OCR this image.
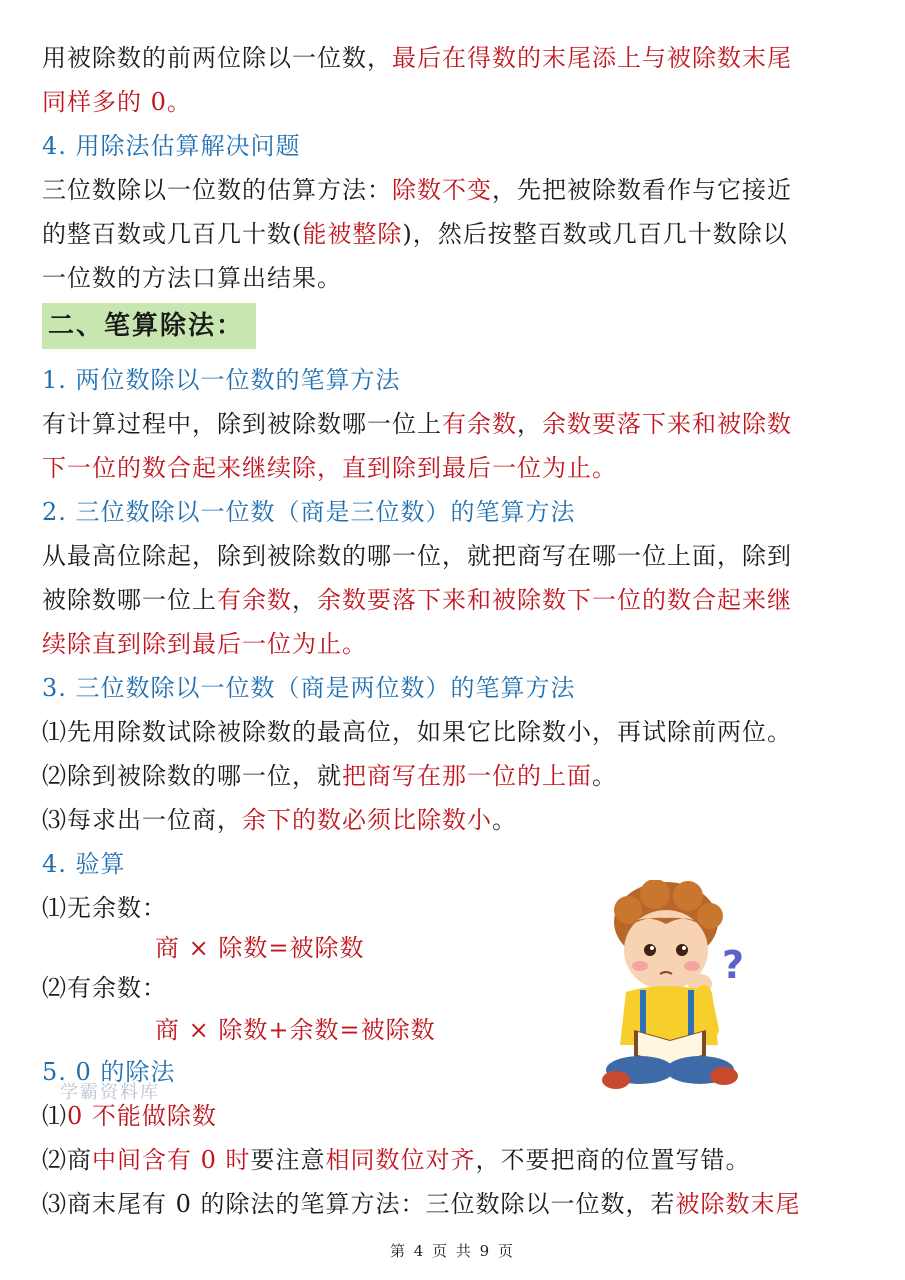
用被除数的前两位除以一位数，最后在得数的末尾添上与被除数末尾
同样多的 0。
4. 用除法估算解决问题
三位数除以一位数的估算方法：除数不变，先把被除数看作与它接近
的整百数或几百几十数(能被整除)，然后按整百数或几百几十数除以
一位数的方法口算出结果。
二、笔算除法：
1. 两位数除以一位数的笔算方法
有计算过程中，除到被除数哪一位上有余数，余数要落下来和被除数
下一位的数合起来继续除，直到除到最后一位为止。
2. 三位数除以一位数（商是三位数）的笔算方法
从最高位除起，除到被除数的哪一位，就把商写在哪一位上面，除到
被除数哪一位上有余数，余数要落下来和被除数下一位的数合起来继
续除直到除到最后一位为止。
3. 三位数除以一位数（商是两位数）的笔算方法
⑴先用除数试除被除数的最高位，如果它比除数小，再试除前两位。
⑵除到被除数的哪一位，就把商写在那一位的上面。
⑶每求出一位商，余下的数必须比除数小。
4. 验算
⑴无余数：
商 × 除数=被除数
⑵有余数：
商 × 除数+余数=被除数
5. 0 的除法
⑴0 不能做除数
⑵商中间含有 0 时要注意相同数位对齐，不要把商的位置写错。
⑶商末尾有 0 的除法的笔算方法：三位数除以一位数，若被除数末尾
学霸资料库
?
第 4 页 共 9 页
